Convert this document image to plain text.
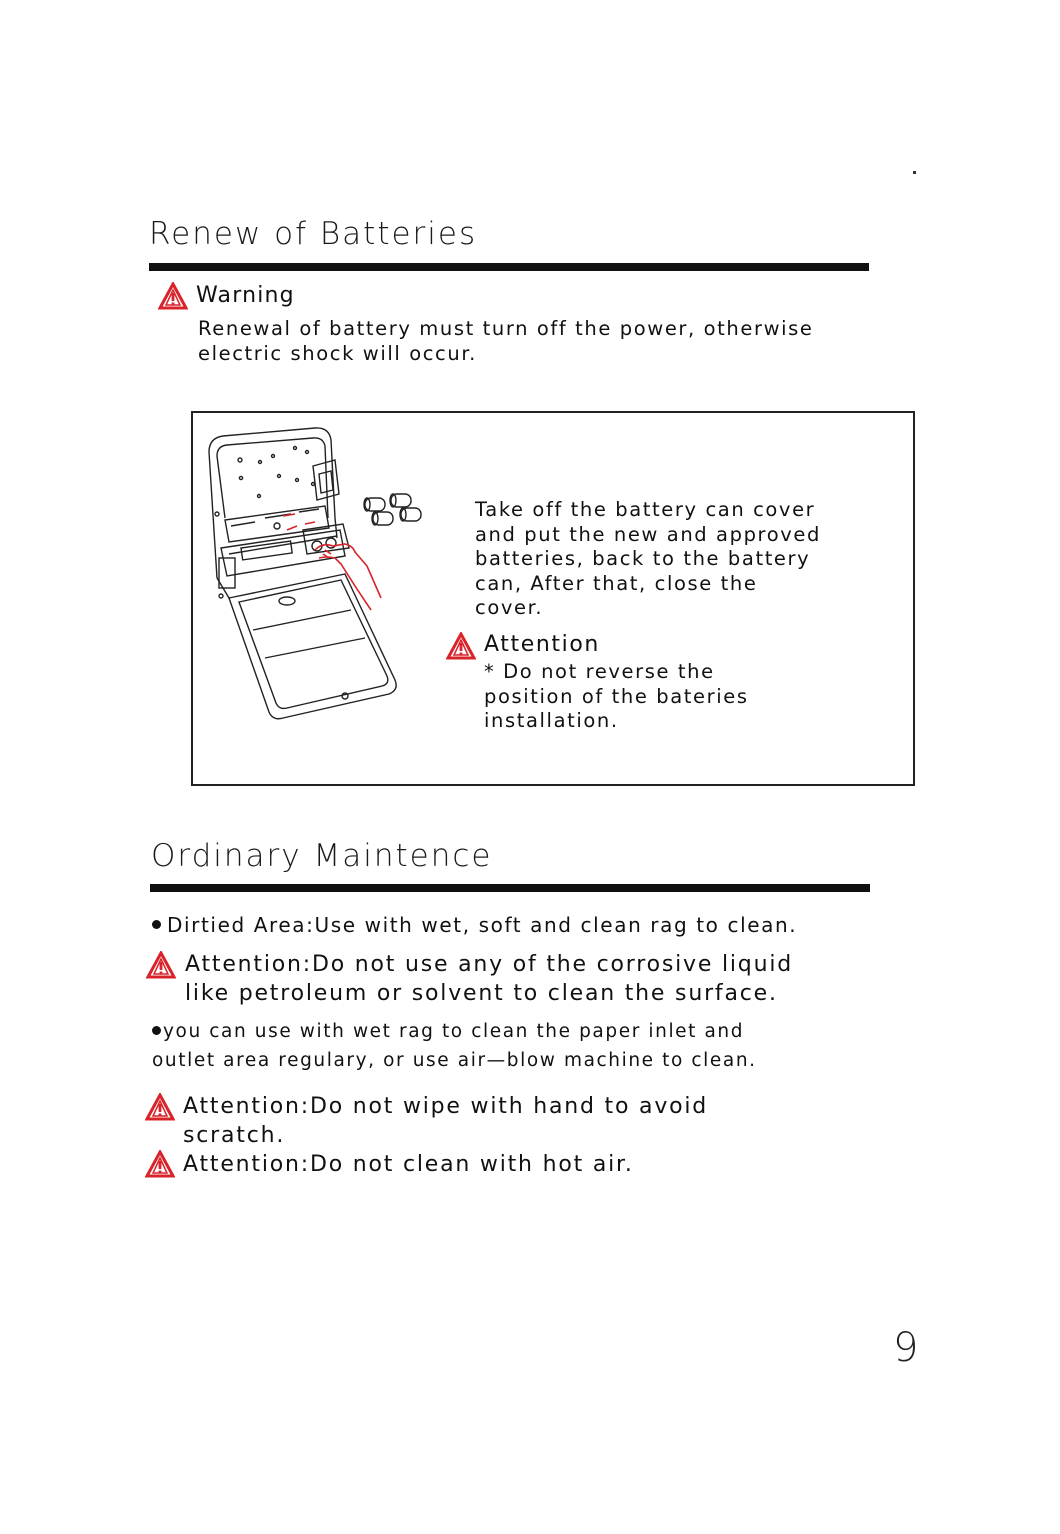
Renew of Batteries
Warning
Renewal of battery must turn off the power, otherwise
electric shock will occur.
Take off the battery can cover
and put the new and approved
batteries, back to the battery
can, After that, close the
cover.
Attention
* Do not reverse the
position of the bateries
installation.
Ordinary Maintence
Dirtied Area:Use with wet, soft and clean rag to clean.
Attention:Do not use any of the corrosive liquid
like petroleum or solvent to clean the surface.
you can use with wet rag to clean the paper inlet and
outlet area regulary, or use air—blow machine to clean.
Attention:Do not wipe with hand to avoid
scratch.
Attention:Do not clean with hot air.
9
